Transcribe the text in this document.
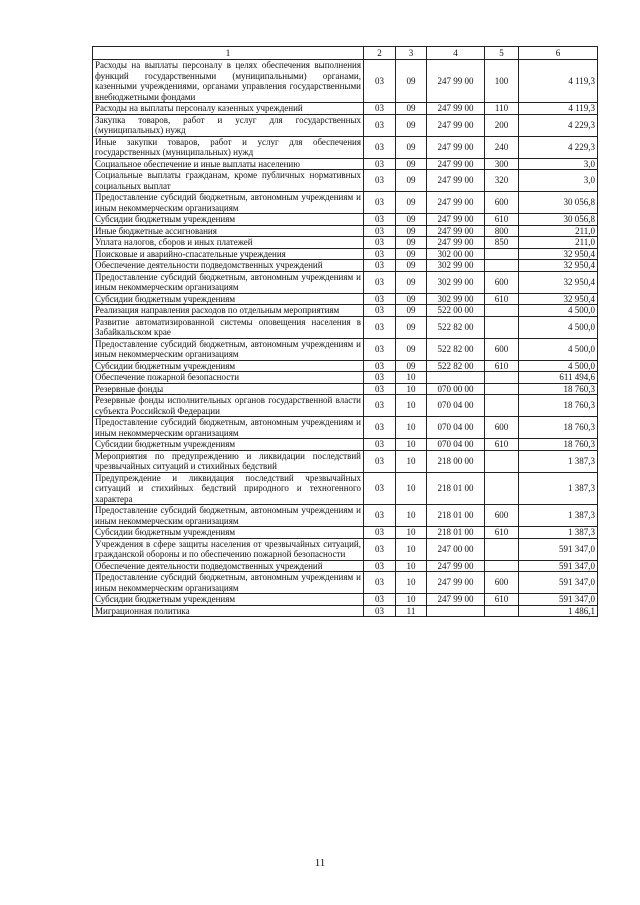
1	2	3	4	5	6
Расходы на выплаты персоналу в целях обеспечения выполнения функций государственными (муниципальными) органами, казенными учреждениями, органами управления государственными внебюджетными фондами	03	09	247 99 00	100	4 119,3
Расходы на выплаты персоналу казенных учреждений	03	09	247 99 00	110	4 119,3
Закупка товаров, работ и услуг для государственных (муниципальных) нужд	03	09	247 99 00	200	4 229,3
Иные закупки товаров, работ и услуг для обеспечения государственных (муниципальных) нужд	03	09	247 99 00	240	4 229,3
Социальное обеспечение и иные выплаты населению	03	09	247 99 00	300	3,0
Социальные выплаты гражданам, кроме публичных нормативных социальных выплат	03	09	247 99 00	320	3,0
Предоставление субсидий бюджетным, автономным учреждениям и иным некоммерческим организациям	03	09	247 99 00	600	30 056,8
Субсидии бюджетным учреждениям	03	09	247 99 00	610	30 056,8
Иные бюджетные ассигнования	03	09	247 99 00	800	211,0
Уплата налогов, сборов и иных платежей	03	09	247 99 00	850	211,0
Поисковые и аварийно-спасательные учреждения	03	09	302 00 00		32 950,4
Обеспечение деятельности подведомственных учреждений	03	09	302 99 00		32 950,4
Предоставление субсидий бюджетным, автономным учреждениям и иным некоммерческим организациям	03	09	302 99 00	600	32 950,4
Субсидии бюджетным учреждениям	03	09	302 99 00	610	32 950,4
Реализация направления расходов по отдельным мероприятиям	03	09	522 00 00		4 500,0
Развитие автоматизированной системы оповещения населения в Забайкальском крае	03	09	522 82 00		4 500,0
Предоставление субсидий бюджетным, автономным учреждениям и иным некоммерческим организациям	03	09	522 82 00	600	4 500,0
Субсидии бюджетным учреждениям	03	09	522 82 00	610	4 500,0
Обеспечение пожарной безопасности	03	10			611 494,6
Резервные фонды	03	10	070 00 00		18 760,3
Резервные фонды исполнительных органов государственной власти субъекта Российской Федерации	03	10	070 04 00		18 760,3
Предоставление субсидий бюджетным, автономным учреждениям и иным некоммерческим организациям	03	10	070 04 00	600	18 760,3
Субсидии бюджетным учреждениям	03	10	070 04 00	610	18 760,3
Мероприятия по предупреждению и ликвидации последствий чрезвычайных ситуаций и стихийных бедствий	03	10	218 00 00		1 387,3
Предупреждение и ликвидация последствий чрезвычайных ситуаций и стихийных бедствий природного и техногенного характера	03	10	218 01 00		1 387,3
Предоставление субсидий бюджетным, автономным учреждениям и иным некоммерческим организациям	03	10	218 01 00	600	1 387,3
Субсидии бюджетным учреждениям	03	10	218 01 00	610	1 387,3
Учреждения в сфере защиты населения от чрезвычайных ситуаций, гражданской обороны и по обеспечению пожарной безопасности	03	10	247 00 00		591 347,0
Обеспечение деятельности подведомственных учреждений	03	10	247 99 00		591 347,0
Предоставление субсидий бюджетным, автономным учреждениям и иным некоммерческим организациям	03	10	247 99 00	600	591 347,0
Субсидии бюджетным учреждениям	03	10	247 99 00	610	591 347,0
Миграционная политика	03	11			1 486,1
11
